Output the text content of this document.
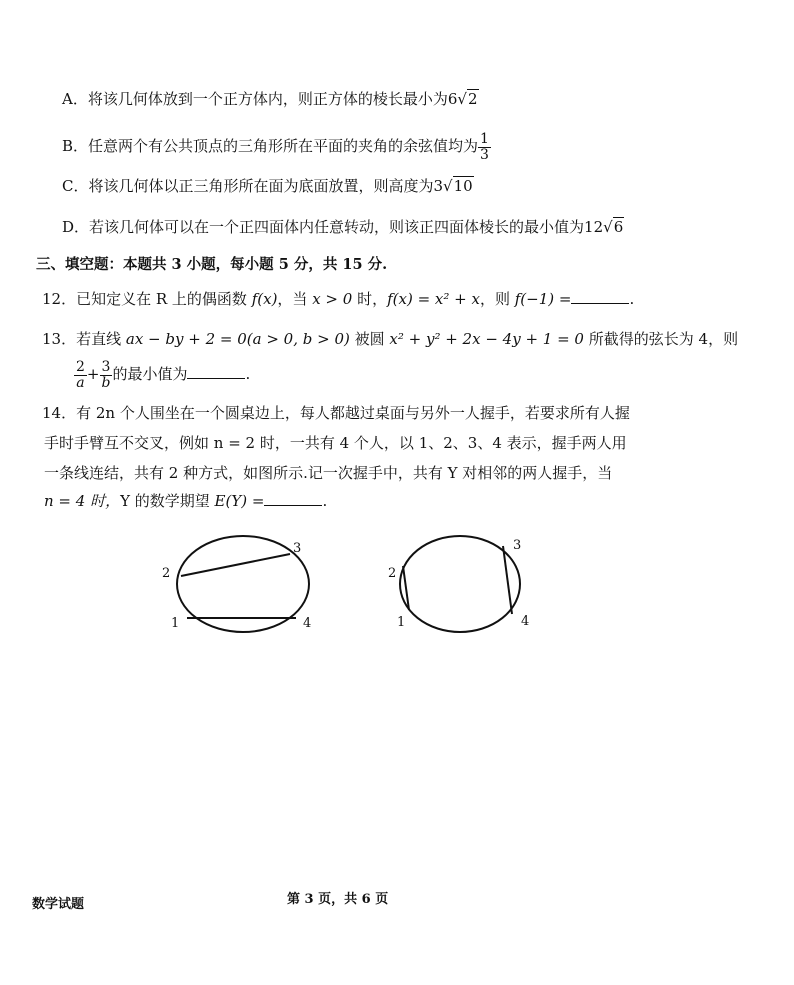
A．将该几何体放到一个正方体内，则正方体的棱长最小为6√2
B．任意两个有公共顶点的三角形所在平面的夹角的余弦值均为 $\frac{1}{3}$
C．将该几何体以正三角形所在面为底面放置，则高度为3√10
D．若该几何体可以在一个正四面体内任意转动，则该正四面体棱长的最小值为12√6
三、填空题：本题共 3 小题，每小题 5 分，共 15 分.
12．已知定义在 R 上的偶函数 f(x)，当 x > 0 时，f(x) = x² + x，则 f(−1) =	.
13．若直线 ax − by + 2 = 0(a > 0, b > 0) 被圆 x² + y² + 2x − 4y + 1 = 0 所截得的弦长为 4，则
$\frac{2}{a} + \frac{3}{b}$ 的最小值为	.
14．有 2n 个人围坐在一个圆桌边上，每人都越过桌面与另外一人握手，若要求所有人握
手时手臂互不交叉，例如 n = 2 时，一共有 4 个人，以 1、2、3、4 表示，握手两人用
一条线连结，共有 2 种方式，如图所示.记一次握手中，共有 Y 对相邻的两人握手，当
n = 4 时，Y 的数学期望 E(Y) =	.
2
3
1	4
2
3
1	4
数学试题	第 3 页，共 6 页
